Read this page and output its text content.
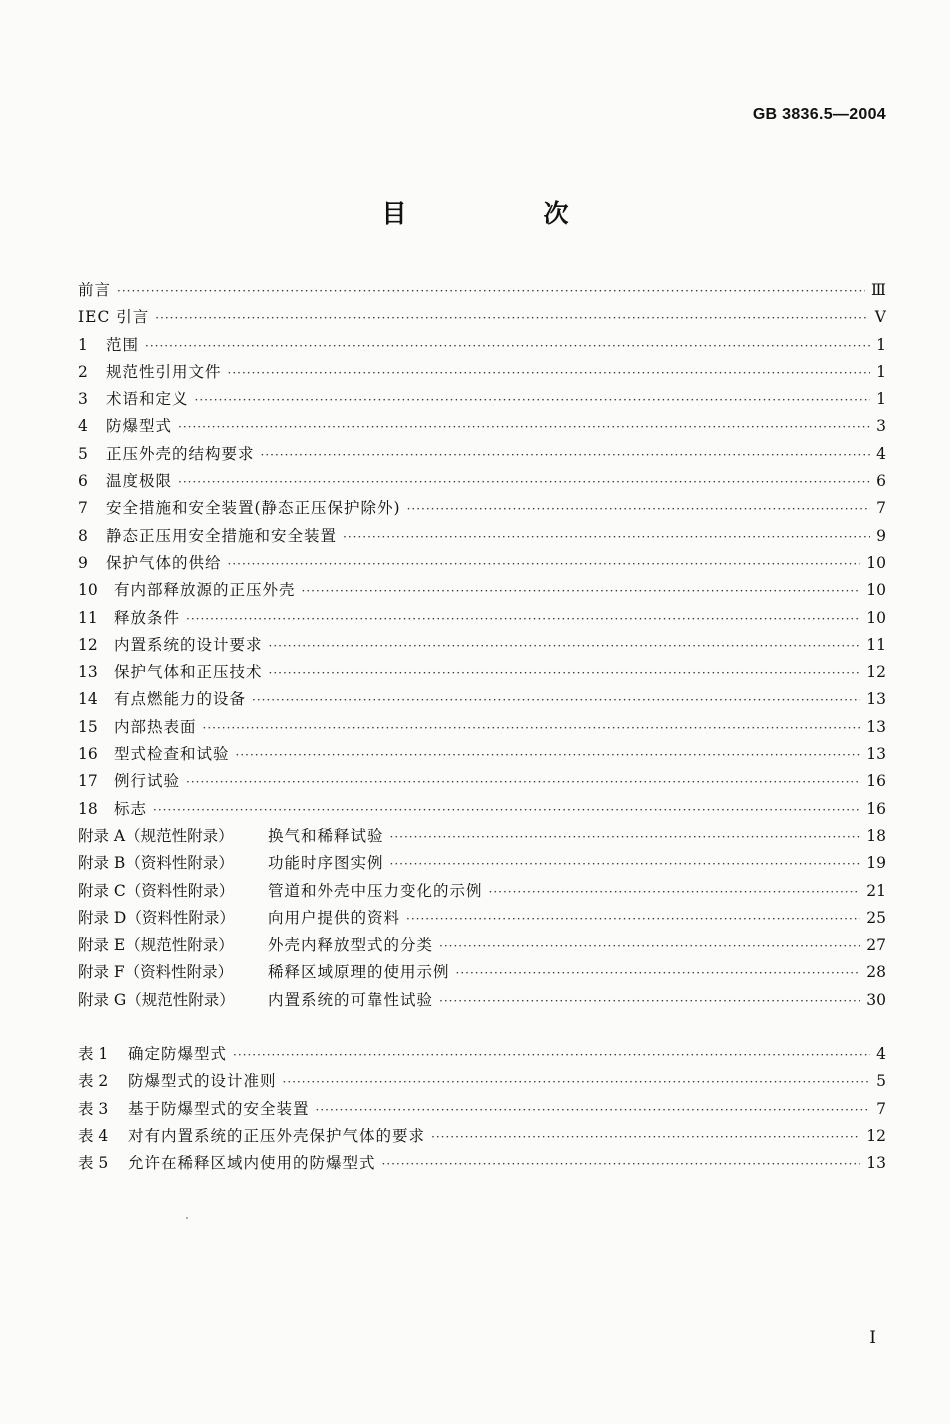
GB 3836.5—2004
目　次
前言 ·····	Ⅲ
IEC 引言 ·····	V
1	范围 ·····	1
2	规范性引用文件 ·····	1
3	术语和定义 ·····	1
4	防爆型式 ·····	3
5	正压外壳的结构要求 ·····	4
6	温度极限 ·····	6
7	安全措施和安全装置(静态正压保护除外) ·····	7
8	静态正压用安全措施和安全装置 ·····	9
9	保护气体的供给 ·····	10
10	有内部释放源的正压外壳 ·····	10
11	释放条件 ·····	10
12	内置系统的设计要求 ·····	11
13	保护气体和正压技术 ·····	12
14	有点燃能力的设备 ·····	13
15	内部热表面 ·····	13
16	型式检查和试验 ·····	13
17	例行试验 ·····	16
18	标志 ·····	16
附录 A（规范性附录）	换气和稀释试验 ·····	18
附录 B（资料性附录）	功能时序图实例 ·····	19
附录 C（资料性附录）	管道和外壳中压力变化的示例 ·····	21
附录 D（资料性附录）	向用户提供的资料 ·····	25
附录 E（规范性附录）	外壳内释放型式的分类 ·····	27
附录 F（资料性附录）	稀释区域原理的使用示例 ·····	28
附录 G（规范性附录）	内置系统的可靠性试验 ·····	30
表 1	确定防爆型式 ·····	4
表 2	防爆型式的设计准则 ·····	5
表 3	基于防爆型式的安全装置 ·····	7
表 4	对有内置系统的正压外壳保护气体的要求 ·····	12
表 5	允许在稀释区域内使用的防爆型式 ·····	13
I
